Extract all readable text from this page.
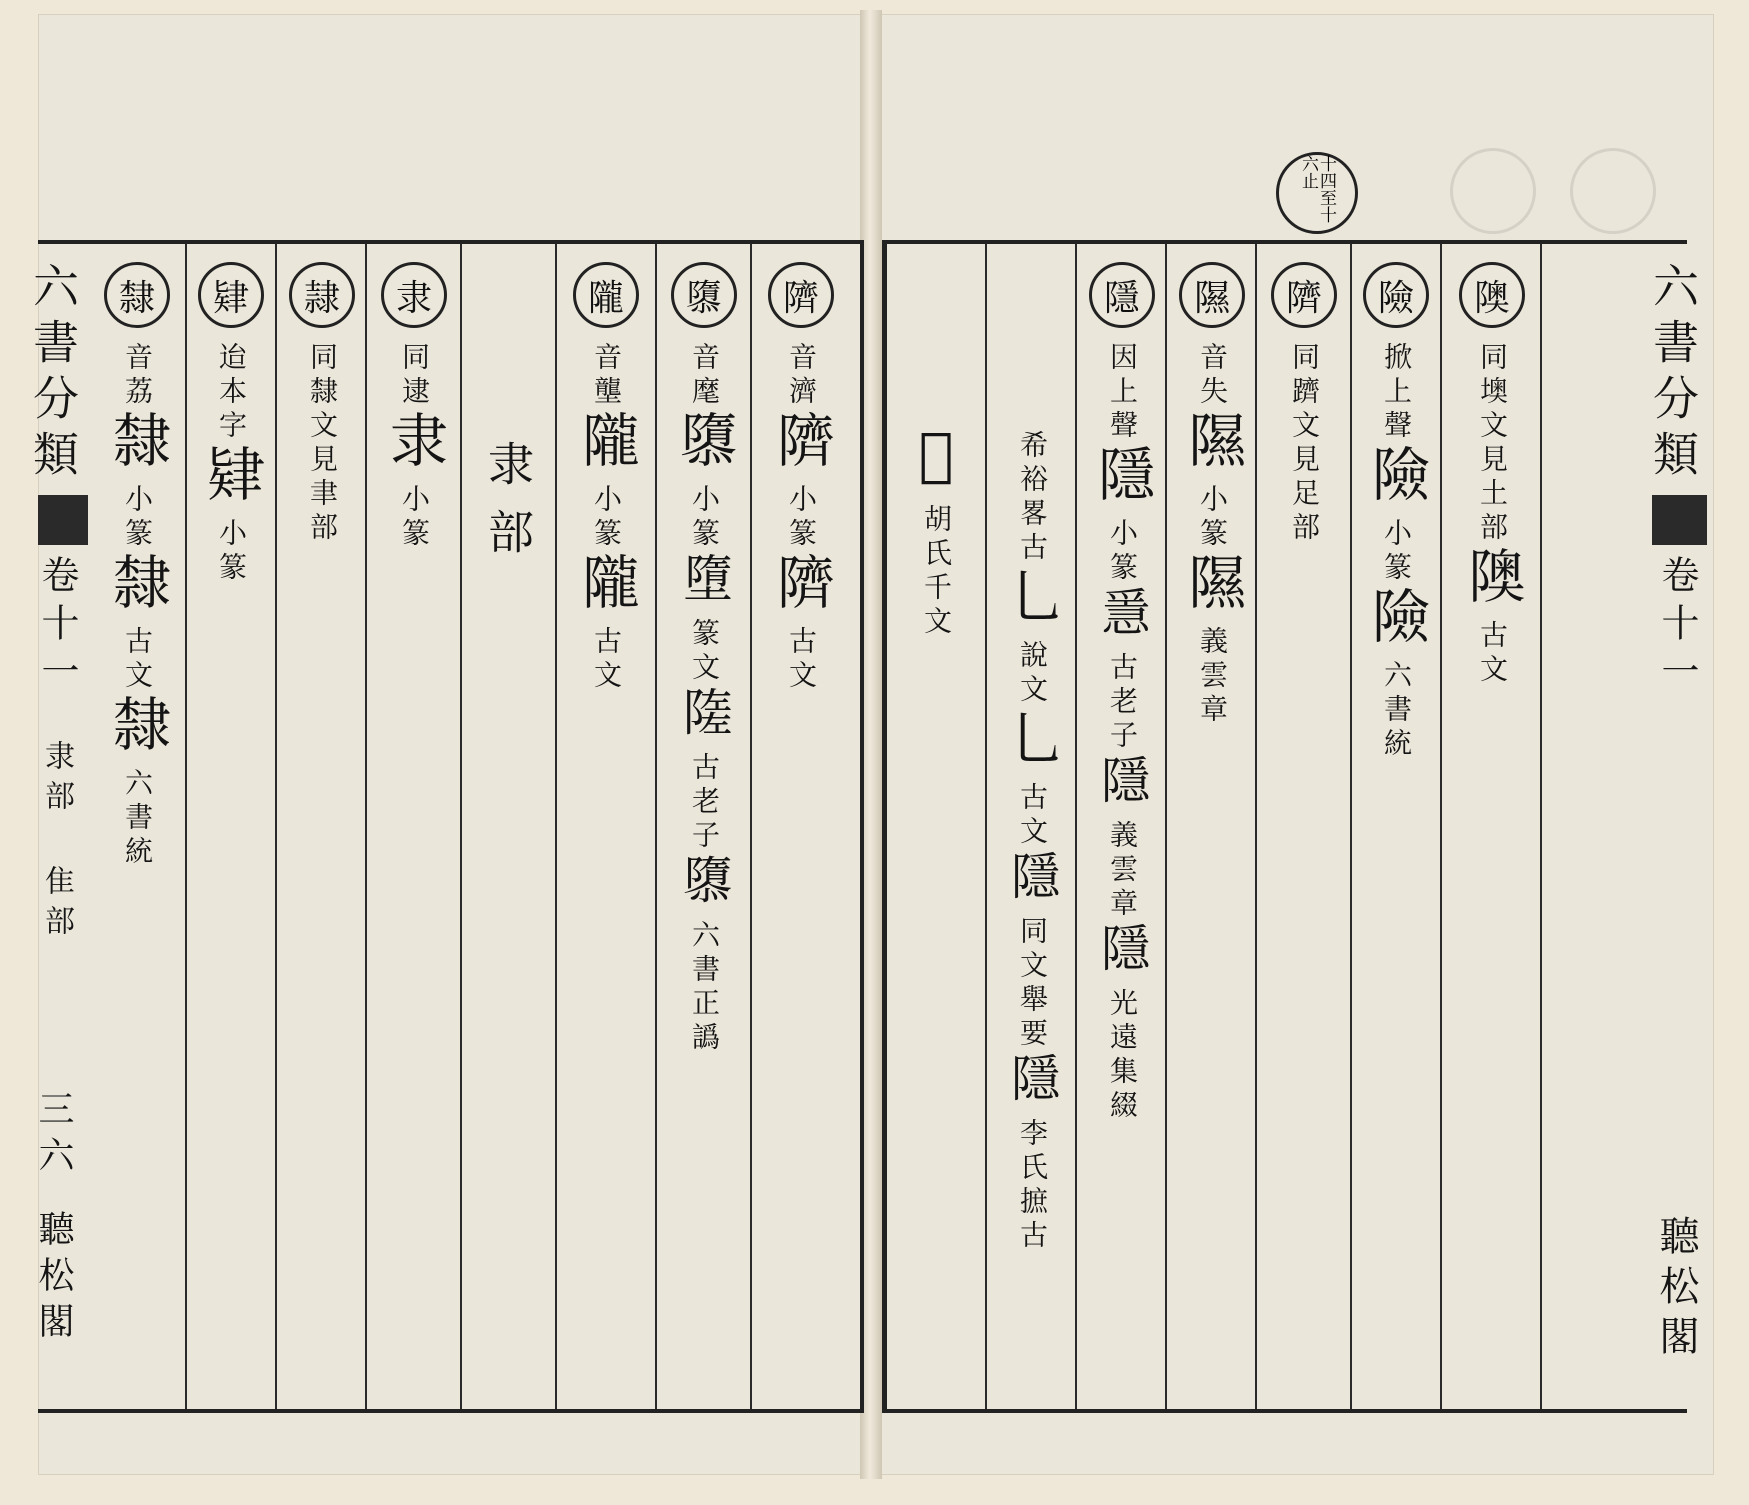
六書分類
卷十一
隶部 隹部
三六
聽松閣
六書分類
卷十一
聽松閣
十四至十六止
隸
音荔
隸
小篆
隸
古文
隸
六書統
肄
迨本字
肄
小篆
隷
同隸文見聿部
隶
同逮
隶
小篆 隶部
隴
音壟
隴
小篆
隴
古文
隳
音麾
隳
小篆
墮
篆文
隓
古老子
隳
六書正譌
隮
音濟
隮
小篆
隮
古文
𨼆
胡氏千文
希裕畧古
乚
說文
乚
古文
隱
同文舉要
隱
李氏摭古
隱
因上聲
隱
小篆
㥯
古老子
隱
義雲章
隱
光遠集綴
隰
音失
隰
小篆
隰
義雲章
隮
同躋文見足部
險
掀上聲
險
小篆
險
六書統
隩
同墺文見土部
隩
古文
